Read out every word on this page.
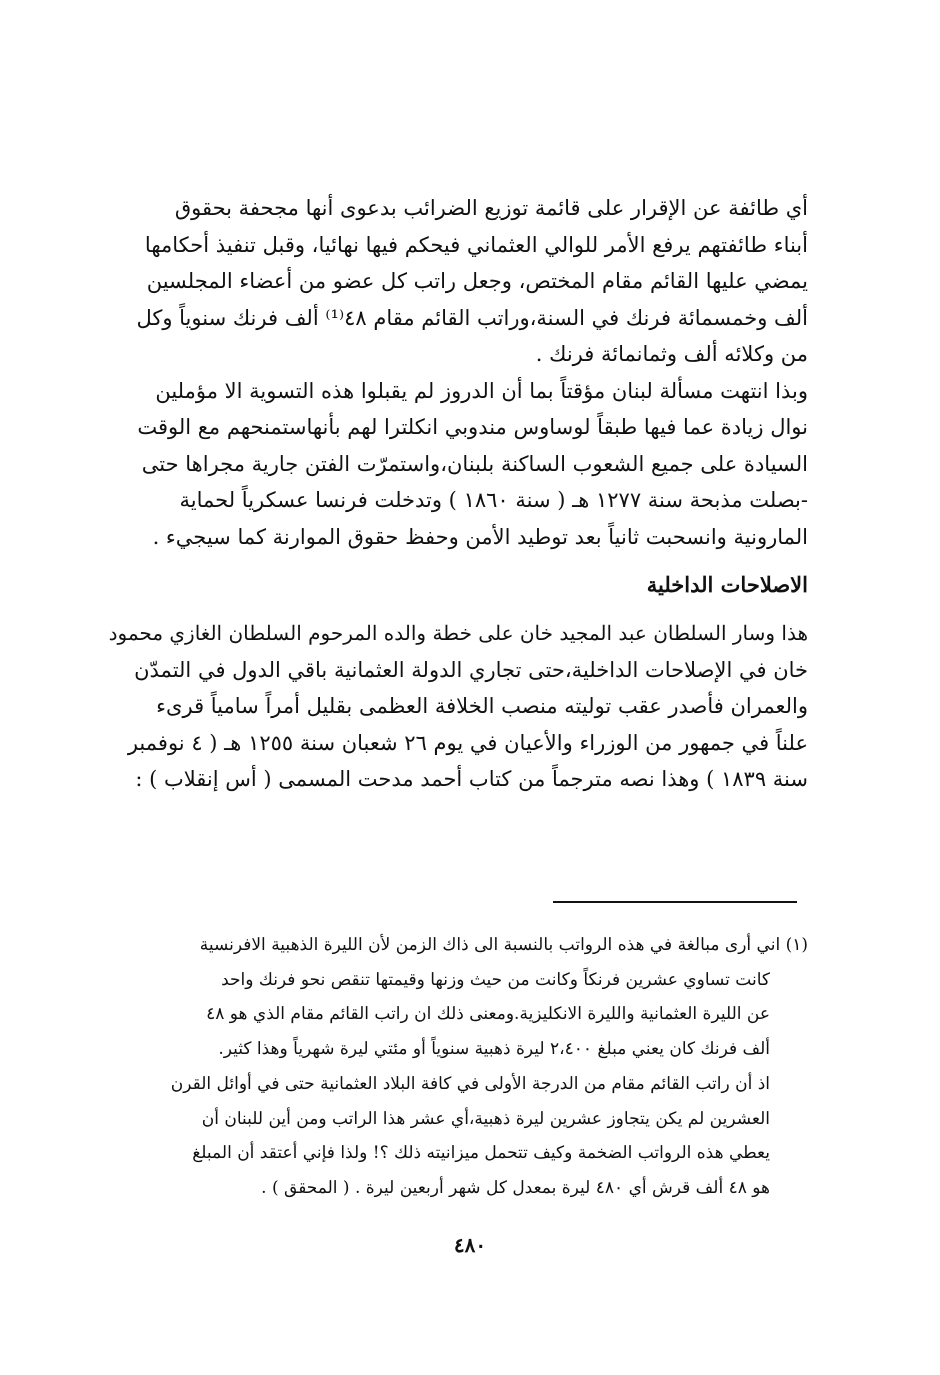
أي طائفة عن الإقرار على قائمة توزيع الضرائب بدعوى أنها مجحفة بحقوق

أبناء طائفتهم يرفع الأمر للوالي العثماني فيحكم فيها نهائيا، وقبل تنفيذ أحكامها

يمضي عليها القائم مقام المختص، وجعل راتب كل عضو من أعضاء المجلسين

ألف وخمسمائة فرنك في السنة،وراتب القائم مقام ٤٨⁽¹⁾ ألف فرنك سنوياً وكل

من وكلائه ألف وثمانمائة فرنك .

وبذا انتهت مسألة لبنان مؤقتاً بما أن الدروز لم يقبلوا هذه التسوية الا مؤملين

نوال زيادة عما فيها طبقاً لوساوس مندوبي انكلترا لهم بأنهاستمنحهم مع الوقت

السيادة على جميع الشعوب الساكنة بلبنان،واستمرّت الفتن جارية مجراها حتى

-بصلت مذبحة سنة ١٢٧٧ هـ ( سنة ١٨٦٠ ) وتدخلت فرنسا عسكرياً لحماية

المارونية وانسحبت ثانياً بعد توطيد الأمن وحفظ حقوق الموارنة كما سيجيء .

الاصلاحات الداخلية

هذا وسار السلطان عبد المجيد خان على خطة والده المرحوم السلطان الغازي محمود

خان في الإصلاحات الداخلية،حتى تجاري الدولة العثمانية باقي الدول في التمدّن

والعمران فأصدر عقب توليته منصب الخلافة العظمى بقليل أمراً سامياً قرىء

علناً في جمهور من الوزراء والأعيان في يوم ٢٦ شعبان سنة ١٢٥٥ هـ ( ٤ نوفمبر

سنة ١٨٣٩ ) وهذا نصه مترجماً من كتاب أحمد مدحت المسمى ( أس إنقلاب ) :

(١) اني أرى مبالغة في هذه الرواتب بالنسبة الى ذاك الزمن لأن الليرة الذهبية الافرنسية

كانت تساوي عشرين فرنكاً وكانت من حيث وزنها وقيمتها تنقص نحو فرنك واحد

عن الليرة العثمانية والليرة الانكليزية.ومعنى ذلك ان راتب القائم مقام الذي هو ٤٨

ألف فرنك كان يعني مبلغ ٢،٤٠٠ ليرة ذهبية سنوياً أو مئتي ليرة شهرياً وهذا كثير.

اذ أن راتب القائم مقام من الدرجة الأولى في كافة البلاد العثمانية حتى في أوائل القرن

العشرين لم يكن يتجاوز عشرين ليرة ذهبية،أي عشر هذا الراتب ومن أين للبنان أن

يعطي هذه الرواتب الضخمة وكيف تتحمل ميزانيته ذلك ؟! ولذا فإني أعتقد أن المبلغ

هو ٤٨ ألف قرش أي ٤٨٠ ليرة بمعدل كل شهر أربعين ليرة . ( المحقق ) .

٤٨٠
